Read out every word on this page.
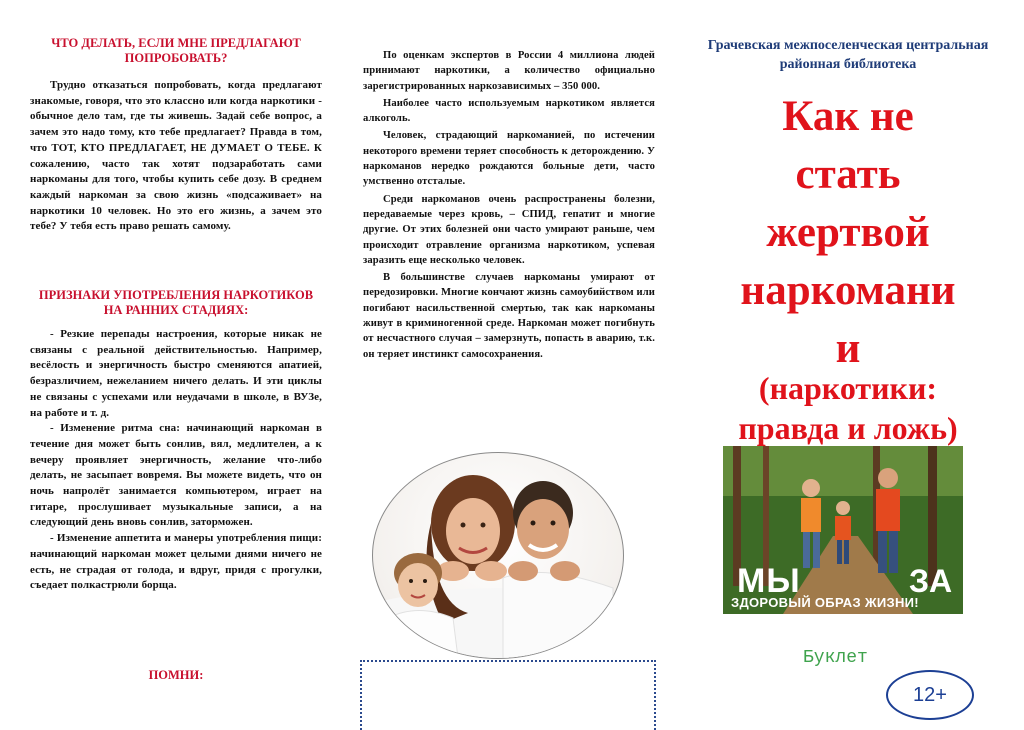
ЧТО ДЕЛАТЬ, ЕСЛИ МНЕ ПРЕДЛАГАЮТ ПОПРОБОВАТЬ?

Трудно отказаться попробовать, когда предлагают знакомые, говоря, что это классно или когда наркотики - обычное дело там, где ты живешь. Задай себе вопрос, а зачем это надо тому, кто тебе предлагает? Правда в том, что ТОТ, КТО ПРЕДЛАГАЕТ, НЕ ДУМАЕТ О ТЕБЕ. К сожалению, часто так хотят подзаработать сами наркоманы для того, чтобы купить себе дозу. В среднем каждый наркоман за свою жизнь «подсаживает» на наркотики 10 человек. Но это его жизнь, а зачем это тебе? У тебя есть право решать самому.

ПРИЗНАКИ УПОТРЕБЛЕНИЯ НАРКОТИКОВ НА РАННИХ СТАДИЯХ:

- Резкие перепады настроения, которые никак не связаны с реальной действительностью. Например, весёлость и энергичность быстро сменяются апатией, безразличием, нежеланием ничего делать. И эти циклы не связаны с успехами или неудачами в школе, в ВУЗе, на работе и т. д.

- Изменение ритма сна: начинающий наркоман в течение дня может быть сонлив, вял, медлителен, а к вечеру проявляет энергичность, желание что-либо делать, не засыпает вовремя. Вы можете видеть, что он ночь напролёт занимается компьютером, играет на гитаре, прослушивает музыкальные записи, а на следующий день вновь сонлив, заторможен.

- Изменение аппетита и манеры употребления пищи: начинающий наркоман может целыми днями ничего не есть, не страдая от голода, и вдруг, придя с прогулки, съедает полкастрюли борща.

ПОМНИ:

По оценкам экспертов в России 4 миллиона людей принимают наркотики, а количество официально зарегистрированных наркозависимых – 350 000.

Наиболее часто используемым наркотиком является алкоголь.

Человек, страдающий наркоманией, по истечении некоторого времени теряет способность к деторождению. У наркоманов нередко рождаются больные дети, часто умственно отсталые.

Среди наркоманов очень распространены болезни, передаваемые через кровь, – СПИД, гепатит и многие другие. От этих болезней они часто умирают раньше, чем происходит отравление организма наркотиком, успевая заразить еще несколько человек.

В большинстве случаев наркоманы умирают от передозировки. Многие кончают жизнь самоубийством или погибают насильственной смертью, так как наркоманы живут в криминогенной среде. Наркоман может погибнуть от несчастного случая – замерзнуть, попасть в аварию, т.к. он теряет инстинкт самосохранения.

Грачевская межпоселенческая центральная районная библиотека
Как не
стать
жертвой
наркомани
и
(наркотики:
правда и ложь)
МЫ	ЗА
ЗДОРОВЫЙ ОБРАЗ ЖИЗНИ!
Буклет
12+
